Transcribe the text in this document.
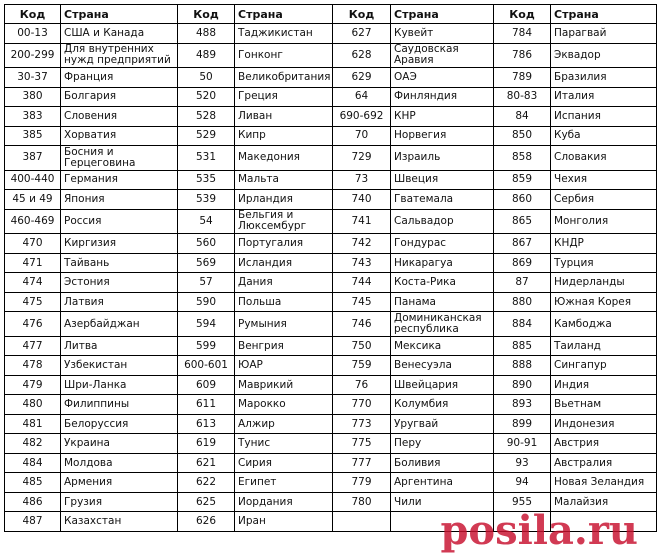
Код	Страна	Код	Страна	Код	Страна	Код	Страна
00-13	США и Канада	488	Таджикистан	627	Кувейт	784	Парагвай
200-299	Для внутренних нужд предприятий	489	Гонконг	628	Саудовская Аравия	786	Эквадор
30-37	Франция	50	Великобритания	629	ОАЭ	789	Бразилия
380	Болгария	520	Греция	64	Финляндия	80-83	Италия
383	Словения	528	Ливан	690-692	КНР	84	Испания
385	Хорватия	529	Кипр	70	Норвегия	850	Куба
387	Босния и Герцеговина	531	Македония	729	Израиль	858	Словакия
400-440	Германия	535	Мальта	73	Швеция	859	Чехия
45 и 49	Япония	539	Ирландия	740	Гватемала	860	Сербия
460-469	Россия	54	Бельгия и Люксембург	741	Сальвадор	865	Монголия
470	Киргизия	560	Португалия	742	Гондурас	867	КНДР
471	Тайвань	569	Исландия	743	Никарагуа	869	Турция
474	Эстония	57	Дания	744	Коста-Рика	87	Нидерланды
475	Латвия	590	Польша	745	Панама	880	Южная Корея
476	Азербайджан	594	Румыния	746	Доминиканская республика	884	Камбоджа
477	Литва	599	Венгрия	750	Мексика	885	Таиланд
478	Узбекистан	600-601	ЮАР	759	Венесуэла	888	Сингапур
479	Шри-Ланка	609	Маврикий	76	Швейцария	890	Индия
480	Филиппины	611	Марокко	770	Колумбия	893	Вьетнам
481	Белоруссия	613	Алжир	773	Уругвай	899	Индонезия
482	Украина	619	Тунис	775	Перу	90-91	Австрия
484	Молдова	621	Сирия	777	Боливия	93	Австралия
485	Армения	622	Египет	779	Аргентина	94	Новая Зеландия
486	Грузия	625	Иордания	780	Чили	955	Малайзия
487	Казахстан	626	Иран					posila.ru
